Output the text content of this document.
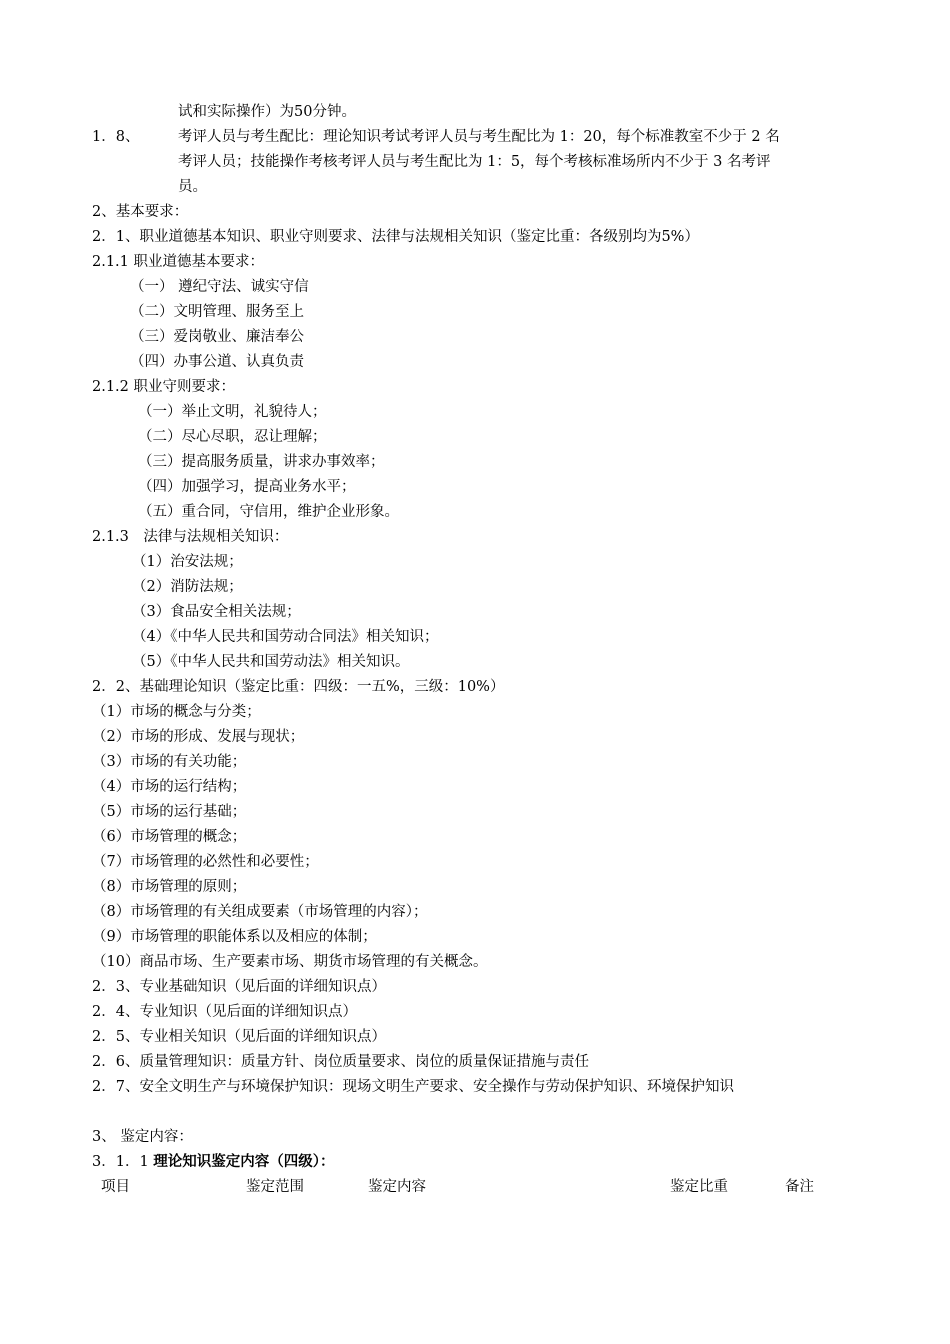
试和实际操作）为50分钟。
1．8、	考评人员与考生配比：理论知识考试考评人员与考生配比为 1：20，每个标准教室不少于 2 名
考评人员；技能操作考核考评人员与考生配比为 1：5，每个考核标准场所内不少于 3 名考评
员。
2、基本要求：
2．1、职业道德基本知识、职业守则要求、法律与法规相关知识（鉴定比重：各级别均为5%）
2.1.1 职业道德基本要求：
（一） 遵纪守法、诚实守信
（二）文明管理、服务至上
（三）爱岗敬业、廉洁奉公
（四）办事公道、认真负责
2.1.2 职业守则要求：
（一）举止文明，礼貌待人；
（二）尽心尽职，忍让理解；
（三）提高服务质量，讲求办事效率；
（四）加强学习，提高业务水平；
（五）重合同，守信用，维护企业形象。
2.1.3　法律与法规相关知识：
（1）治安法规；
（2）消防法规；
（3）食品安全相关法规；
（4）《中华人民共和国劳动合同法》相关知识；
（5）《中华人民共和国劳动法》相关知识。
2．2、基础理论知识（鉴定比重：四级：一五%，三级：10%）
（1）市场的概念与分类；
（2）市场的形成、发展与现状；
（3）市场的有关功能；
（4）市场的运行结构；
（5）市场的运行基础；
（6）市场管理的概念；
（7）市场管理的必然性和必要性；
（8）市场管理的原则；
（8）市场管理的有关组成要素（市场管理的内容）；
（9）市场管理的职能体系以及相应的体制；
（10）商品市场、生产要素市场、期货市场管理的有关概念。
2．3、专业基础知识（见后面的详细知识点）
2．4、专业知识（见后面的详细知识点）
2．5、专业相关知识（见后面的详细知识点）
2．6、质量管理知识：质量方针、岗位质量要求、岗位的质量保证措施与责任
2．7、安全文明生产与环境保护知识：现场文明生产要求、安全操作与劳动保护知识、环境保护知识
3、 鉴定内容：
3．1．1 理论知识鉴定内容（四级）：
项目	鉴定范围	鉴定内容	鉴定比重	备注
